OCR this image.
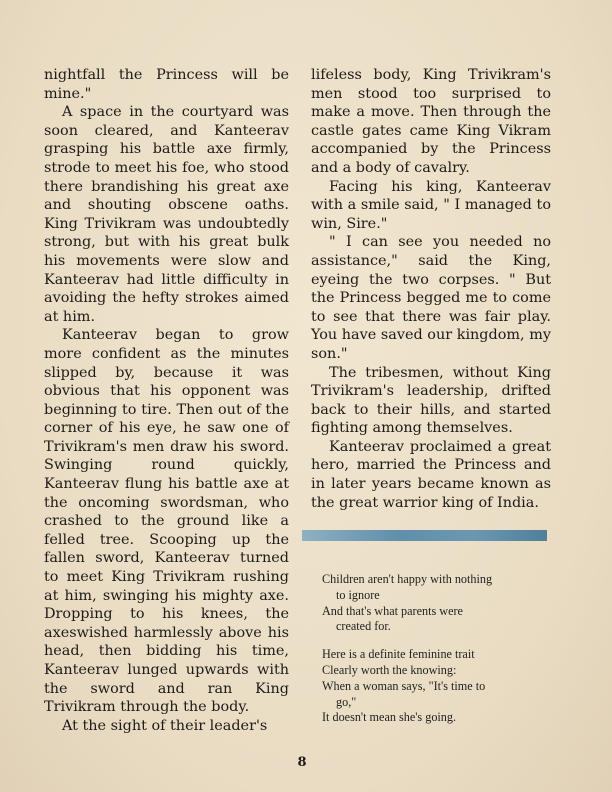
nightfall the Princess will be mine."

A space in the courtyard was soon cleared, and Kanteerav grasping his battle axe firmly, strode to meet his foe, who stood there brandishing his great axe and shouting obscene oaths. King Trivikram was undoubtedly strong, but with his great bulk his movements were slow and Kanteerav had little difficulty in avoiding the hefty strokes aimed at him.

Kanteerav began to grow more confident as the minutes slipped by, because it was obvious that his opponent was beginning to tire. Then out of the corner of his eye, he saw one of Trivikram's men draw his sword. Swinging round quickly, Kanteerav flung his battle axe at the oncoming swordsman, who crashed to the ground like a felled tree. Scooping up the fallen sword, Kanteerav turned to meet King Trivikram rushing at him, swinging his mighty axe. Dropping to his knees, the axeswished harmlessly above his head, then bidding his time, Kanteerav lunged upwards with the sword and ran King Trivikram through the body.

At the sight of their leader's

lifeless body, King Trivikram's men stood too surprised to make a move. Then through the castle gates came King Vikram accompanied by the Princess and a body of cavalry.

Facing his king, Kanteerav with a smile said, " I managed to win, Sire."

" I can see you needed no assistance," said the King, eyeing the two corpses. " But the Princess begged me to come to see that there was fair play. You have saved our kingdom, my son."

The tribesmen, without King Trivikram's leadership, drifted back to their hills, and started fighting among themselves.

Kanteerav proclaimed a great hero, married the Princess and in later years became known as the great warrior king of India.

Children aren't happy with nothing
to ignore
And that's what parents were
created for.
Here is a definite feminine trait
Clearly worth the knowing:
When a woman says, "It's time to
go,"
It doesn't mean she's going.
8
